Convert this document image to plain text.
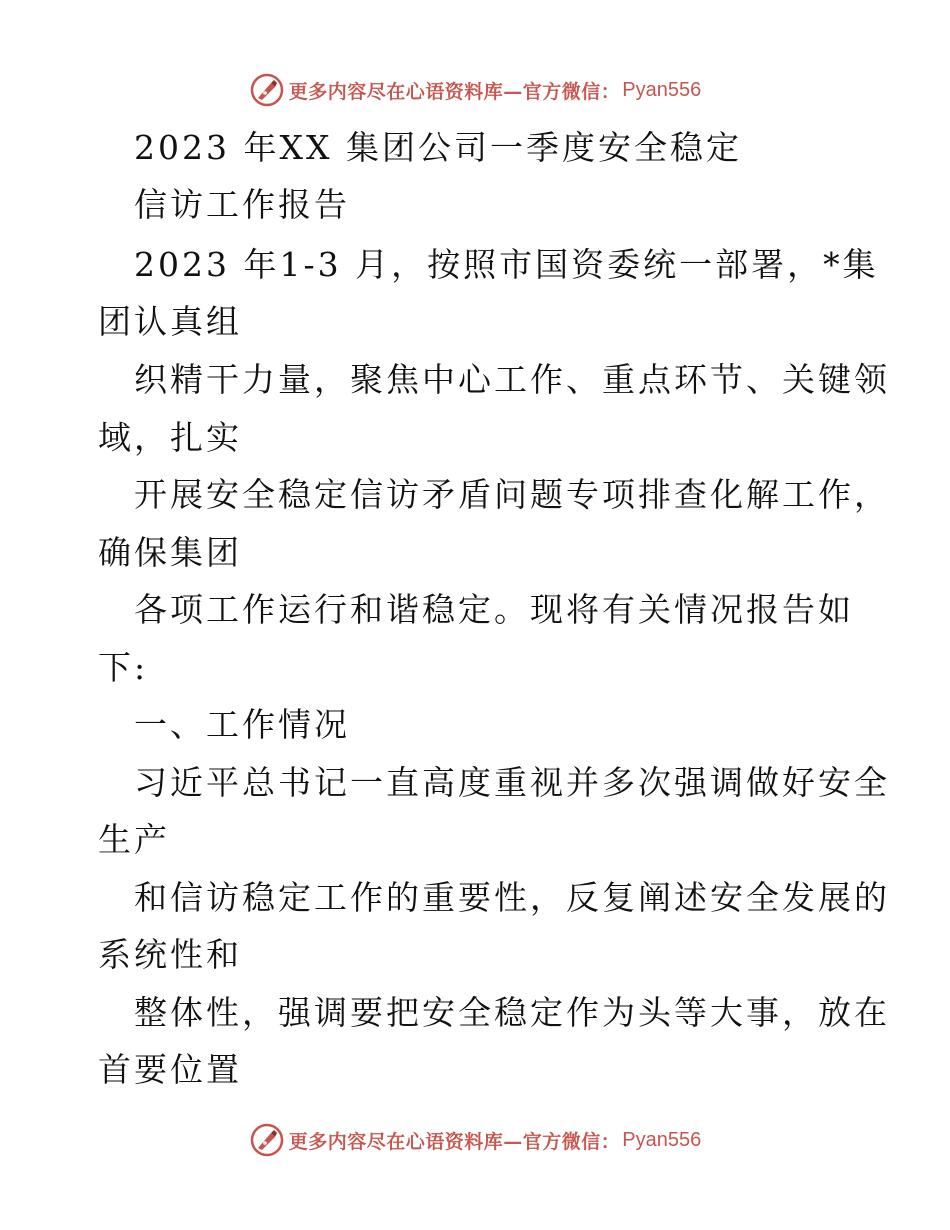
更多内容尽在心语资料库—官方微信： Pyan556
2023 年XX 集团公司一季度安全稳定
信访工作报告
2023 年1-3 月，按照市国资委统一部署，*集
团认真组
织精干力量，聚焦中心工作、重点环节、关键领
域，扎实
开展安全稳定信访矛盾问题专项排查化解工作，
确保集团
各项工作运行和谐稳定。现将有关情况报告如
下:
一、工作情况
习近平总书记一直高度重视并多次强调做好安全
生产
和信访稳定工作的重要性，反复阐述安全发展的
系统性和
整体性，强调要把安全稳定作为头等大事，放在
首要位置
更多内容尽在心语资料库—官方微信： Pyan556
